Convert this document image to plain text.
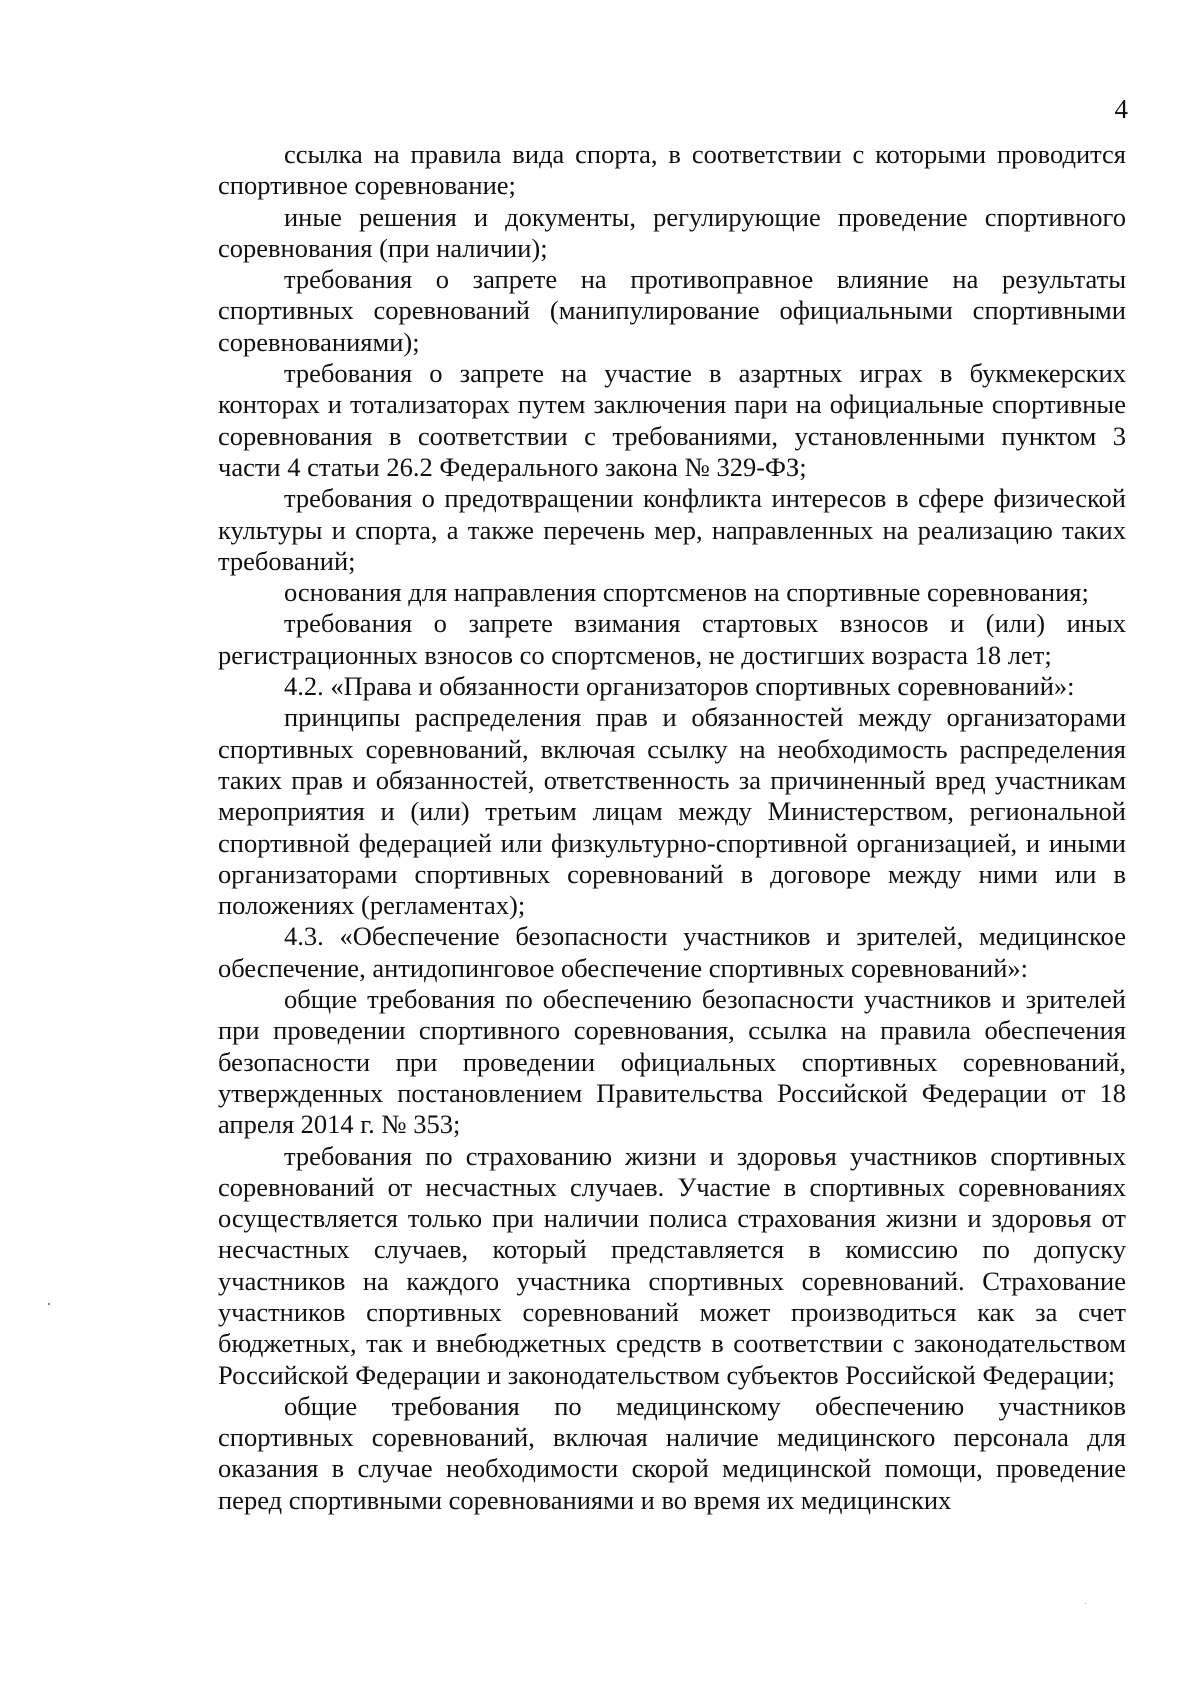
4

ссылка на правила вида спорта, в соответствии с которыми проводится спортивное соревнование;

иные решения и документы, регулирующие проведение спортивного соревнования (при наличии);

требования о запрете на противоправное влияние на результаты спортивных соревнований (манипулирование официальными спортивными соревнованиями);

требования о запрете на участие в азартных играх в букмекерских конторах и тотализаторах путем заключения пари на официальные спортивные соревнования в соответствии с требованиями, установленными пунктом 3 части 4 статьи 26.2 Федерального закона № 329-ФЗ;

требования о предотвращении конфликта интересов в сфере физической культуры и спорта, а также перечень мер, направленных на реализацию таких требований;

основания для направления спортсменов на спортивные соревнования;

требования о запрете взимания стартовых взносов и (или) иных регистрационных взносов со спортсменов, не достигших возраста 18 лет;

4.2. «Права и обязанности организаторов спортивных соревнований»:

принципы распределения прав и обязанностей между организаторами спортивных соревнований, включая ссылку на необходимость распределения таких прав и обязанностей, ответственность за причиненный вред участникам мероприятия и (или) третьим лицам между Министерством, региональной спортивной федерацией или физкультурно-спортивной организацией, и иными организаторами спортивных соревнований в договоре между ними или в положениях (регламентах);

4.3. «Обеспечение безопасности участников и зрителей, медицинское обеспечение, антидопинговое обеспечение спортивных соревнований»:

общие требования по обеспечению безопасности участников и зрителей при проведении спортивного соревнования, ссылка на правила обеспечения безопасности при проведении официальных спортивных соревнований, утвержденных постановлением Правительства Российской Федерации от 18 апреля 2014 г. № 353;

требования по страхованию жизни и здоровья участников спортивных соревнований от несчастных случаев. Участие в спортивных соревнованиях осуществляется только при наличии полиса страхования жизни и здоровья от несчастных случаев, который представляется в комиссию по допуску участников на каждого участника спортивных соревнований. Страхование участников спортивных соревнований может производиться как за счет бюджетных, так и внебюджетных средств в соответствии с законодательством Российской Федерации и законодательством субъектов Российской Федерации;

общие требования по медицинскому обеспечению участников спортивных соревнований, включая наличие медицинского персонала для оказания в случае необходимости скорой медицинской помощи, проведение перед спортивными соревнованиями и во время их медицинских
